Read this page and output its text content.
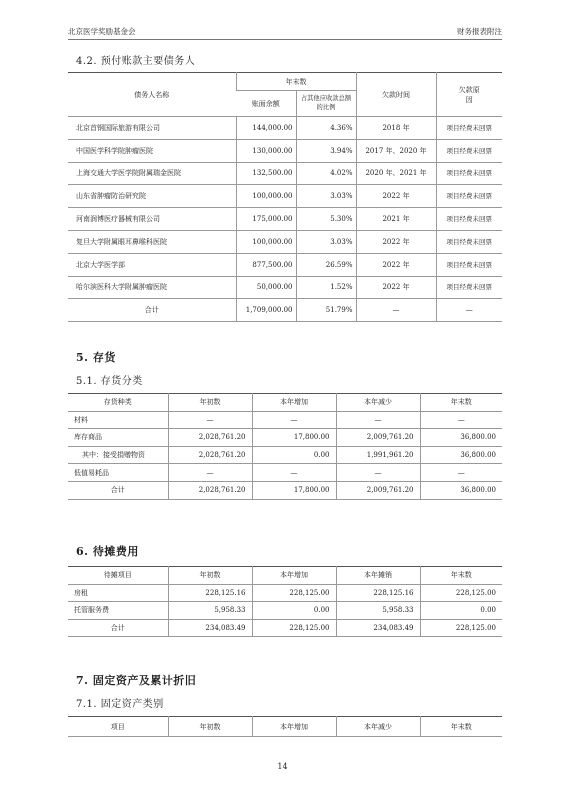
北京医学奖励基金会	财务报表附注
4.2. 预付账款主要债务人
债务人名称	年末数		欠款时间	欠款原因
	账面余额	占其他应收款总额的比例		
北京首钢国际旅游有限公司	144,000.00	4.36%	2018 年	项目经费未回票
中国医学科学院肿瘤医院	130,000.00	3.94%	2017 年、2020 年	项目经费未回票
上海交通大学医学院附属瑞金医院	132,500.00	4.02%	2020 年、2021 年	项目经费未回票
山东省肿瘤防治研究院	100,000.00	3.03%	2022 年	项目经费未回票
河南润博医疗器械有限公司	175,000.00	5.30%	2021 年	项目经费未回票
复旦大学附属眼耳鼻喉科医院	100,000.00	3.03%	2022 年	项目经费未回票
北京大学医学部	877,500.00	26.59%	2022 年	项目经费未回票
哈尔滨医科大学附属肿瘤医院	50,000.00	1.52%	2022 年	项目经费未回票
合计	1,709,000.00	51.79%	—	—
5. 存货
5.1. 存货分类
存货种类	年初数	本年增加	本年减少	年末数
材料	—	—	—	—
库存商品	2,028,761.20	17,800.00	2,009,761.20	36,800.00
其中：接受捐赠物资	2,028,761.20	0.00	1,991,961.20	36,800.00
低值易耗品	—	—	—	—
合计	2,028,761.20	17,800.00	2,009,761.20	36,800.00
6. 待摊费用
待摊项目	年初数	本年增加	本年摊销	年末数
房租	228,125.16	228,125.00	228,125.16	228,125.00
托管服务费	5,958.33	0.00	5,958.33	0.00
合计	234,083.49	228,125.00	234,083.49	228,125.00
7. 固定资产及累计折旧
7.1. 固定资产类别
项目	年初数	本年增加	本年减少	年末数
14
